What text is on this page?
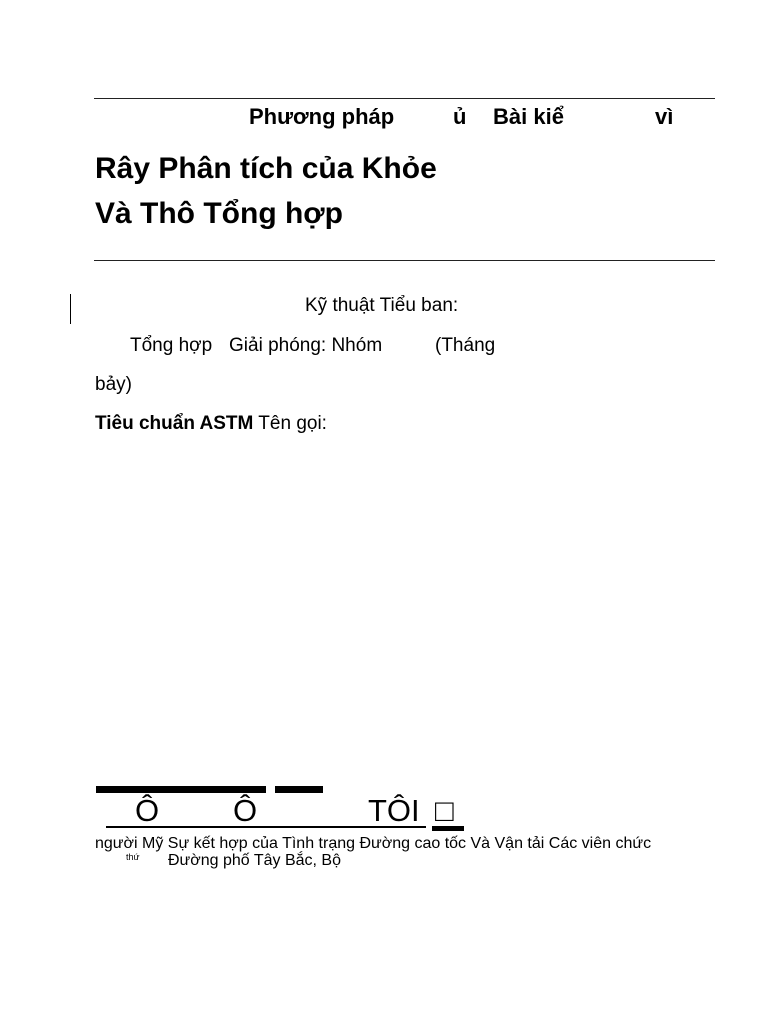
Phương pháp	ủ Bài kiể	vì
Rây Phân tích của Khỏe
Và Thô Tổng hợp
Kỹ thuật Tiểu ban:
Tổng hợp Giải phóng: Nhóm	(Tháng
bảy)
Tiêu chuẩn ASTM Tên gọi:
Ô Ô	TÔI □
người Mỹ Sự kết hợp của Tình trạng Đường cao tốc Và Vận tải Các viên chức
thứ Đường phố Tây Bắc, Bộ
